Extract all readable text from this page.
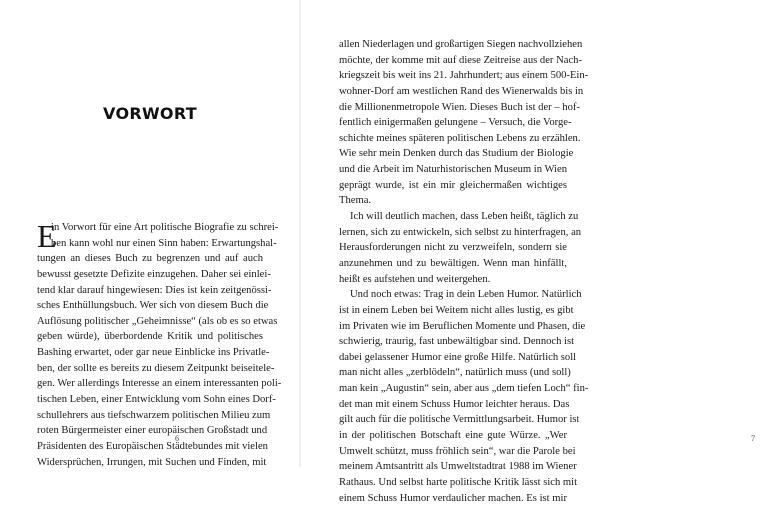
VORWORT
6	7
E
in Vorwort für eine Art politische Biografie zu schrei-
ben kann wohl nur einen Sinn haben: Erwartungshal-
tungen an dieses Buch zu begrenzen und auf auch
bewusst gesetzte Defizite einzugehen. Daher sei einlei-
tend klar darauf hingewiesen: Dies ist kein zeitgenössi-
sches Enthüllungsbuch. Wer sich von diesem Buch die
Auflösung politischer „Geheimnisse“ (als ob es so etwas
geben würde), überbordende Kritik und politisches
Bashing erwartet, oder gar neue Einblicke ins Privatle-
ben, der sollte es bereits zu diesem Zeitpunkt beiseitele-
gen. Wer allerdings Interesse an einem interessanten poli-
tischen Leben, einer Entwicklung vom Sohn eines Dorf-
schullehrers aus tiefschwarzem politischen Milieu zum
roten Bürgermeister einer europäischen Großstadt und
Präsidenten des Europäischen Städtebundes mit vielen
Widersprüchen, Irrungen, mit Suchen und Finden, mit
allen Niederlagen und großartigen Siegen nachvollziehen
möchte, der komme mit auf diese Zeitreise aus der Nach-
kriegszeit bis weit ins 21. Jahrhundert; aus einem 500-Ein-
wohner-Dorf am westlichen Rand des Wienerwalds bis in
die Millionenmetropole Wien. Dieses Buch ist der – hof-
fentlich einigermaßen gelungene – Versuch, die Vorge-
schichte meines späteren politischen Lebens zu erzählen.
Wie sehr mein Denken durch das Studium der Biologie
und die Arbeit im Naturhistorischen Museum in Wien
geprägt wurde, ist ein mir gleichermaßen wichtiges
Thema.
Ich will deutlich machen, dass Leben heißt, täglich zu
lernen, sich zu entwickeln, sich selbst zu hinterfragen, an
Herausforderungen nicht zu verzweifeln, sondern sie
anzunehmen und zu bewältigen. Wenn man hinfällt,
heißt es aufstehen und weitergehen.
Und noch etwas: Trag in dein Leben Humor. Natürlich
ist in einem Leben bei Weitem nicht alles lustig, es gibt
im Privaten wie im Beruflichen Momente und Phasen, die
schwierig, traurig, fast unbewältigbar sind. Dennoch ist
dabei gelassener Humor eine große Hilfe. Natürlich soll
man nicht alles „zerblödeln“, natürlich muss (und soll)
man kein „Augustin“ sein, aber aus „dem tiefen Loch“ fin-
det man mit einem Schuss Humor leichter heraus. Das
gilt auch für die politische Vermittlungsarbeit. Humor ist
in der politischen Botschaft eine gute Würze. „Wer
Umwelt schützt, muss fröhlich sein“, war die Parole bei
meinem Amtsantritt als Umweltstadtrat 1988 im Wiener
Rathaus. Und selbst harte politische Kritik lässt sich mit
einem Schuss Humor verdaulicher machen. Es ist mir
